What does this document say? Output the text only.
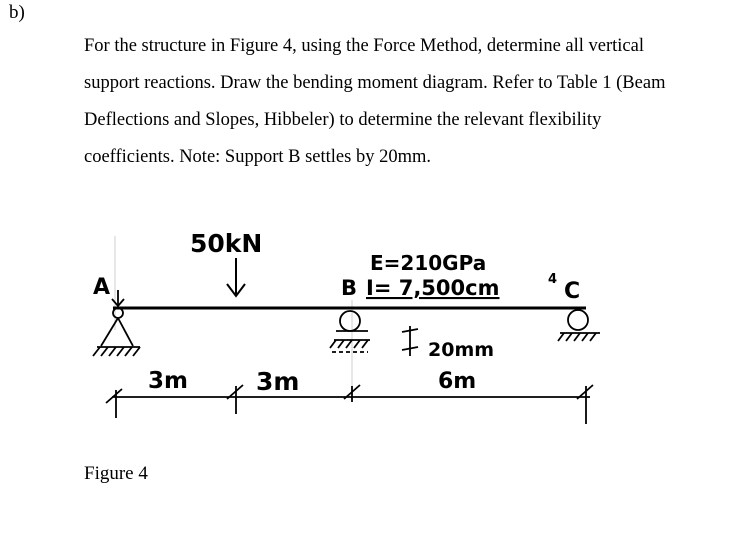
b)
For the structure in Figure 4, using the Force Method, determine all vertical
support reactions. Draw the bending moment diagram. Refer to Table 1 (Beam
Deflections and Slopes, Hibbeler) to determine the relevant flexibility
coefficients. Note: Support B settles by 20mm.
50kN
E=210GPa
B I= 7,500cm	4 C
A
20mm
3m	3m	6m
Figure 4
